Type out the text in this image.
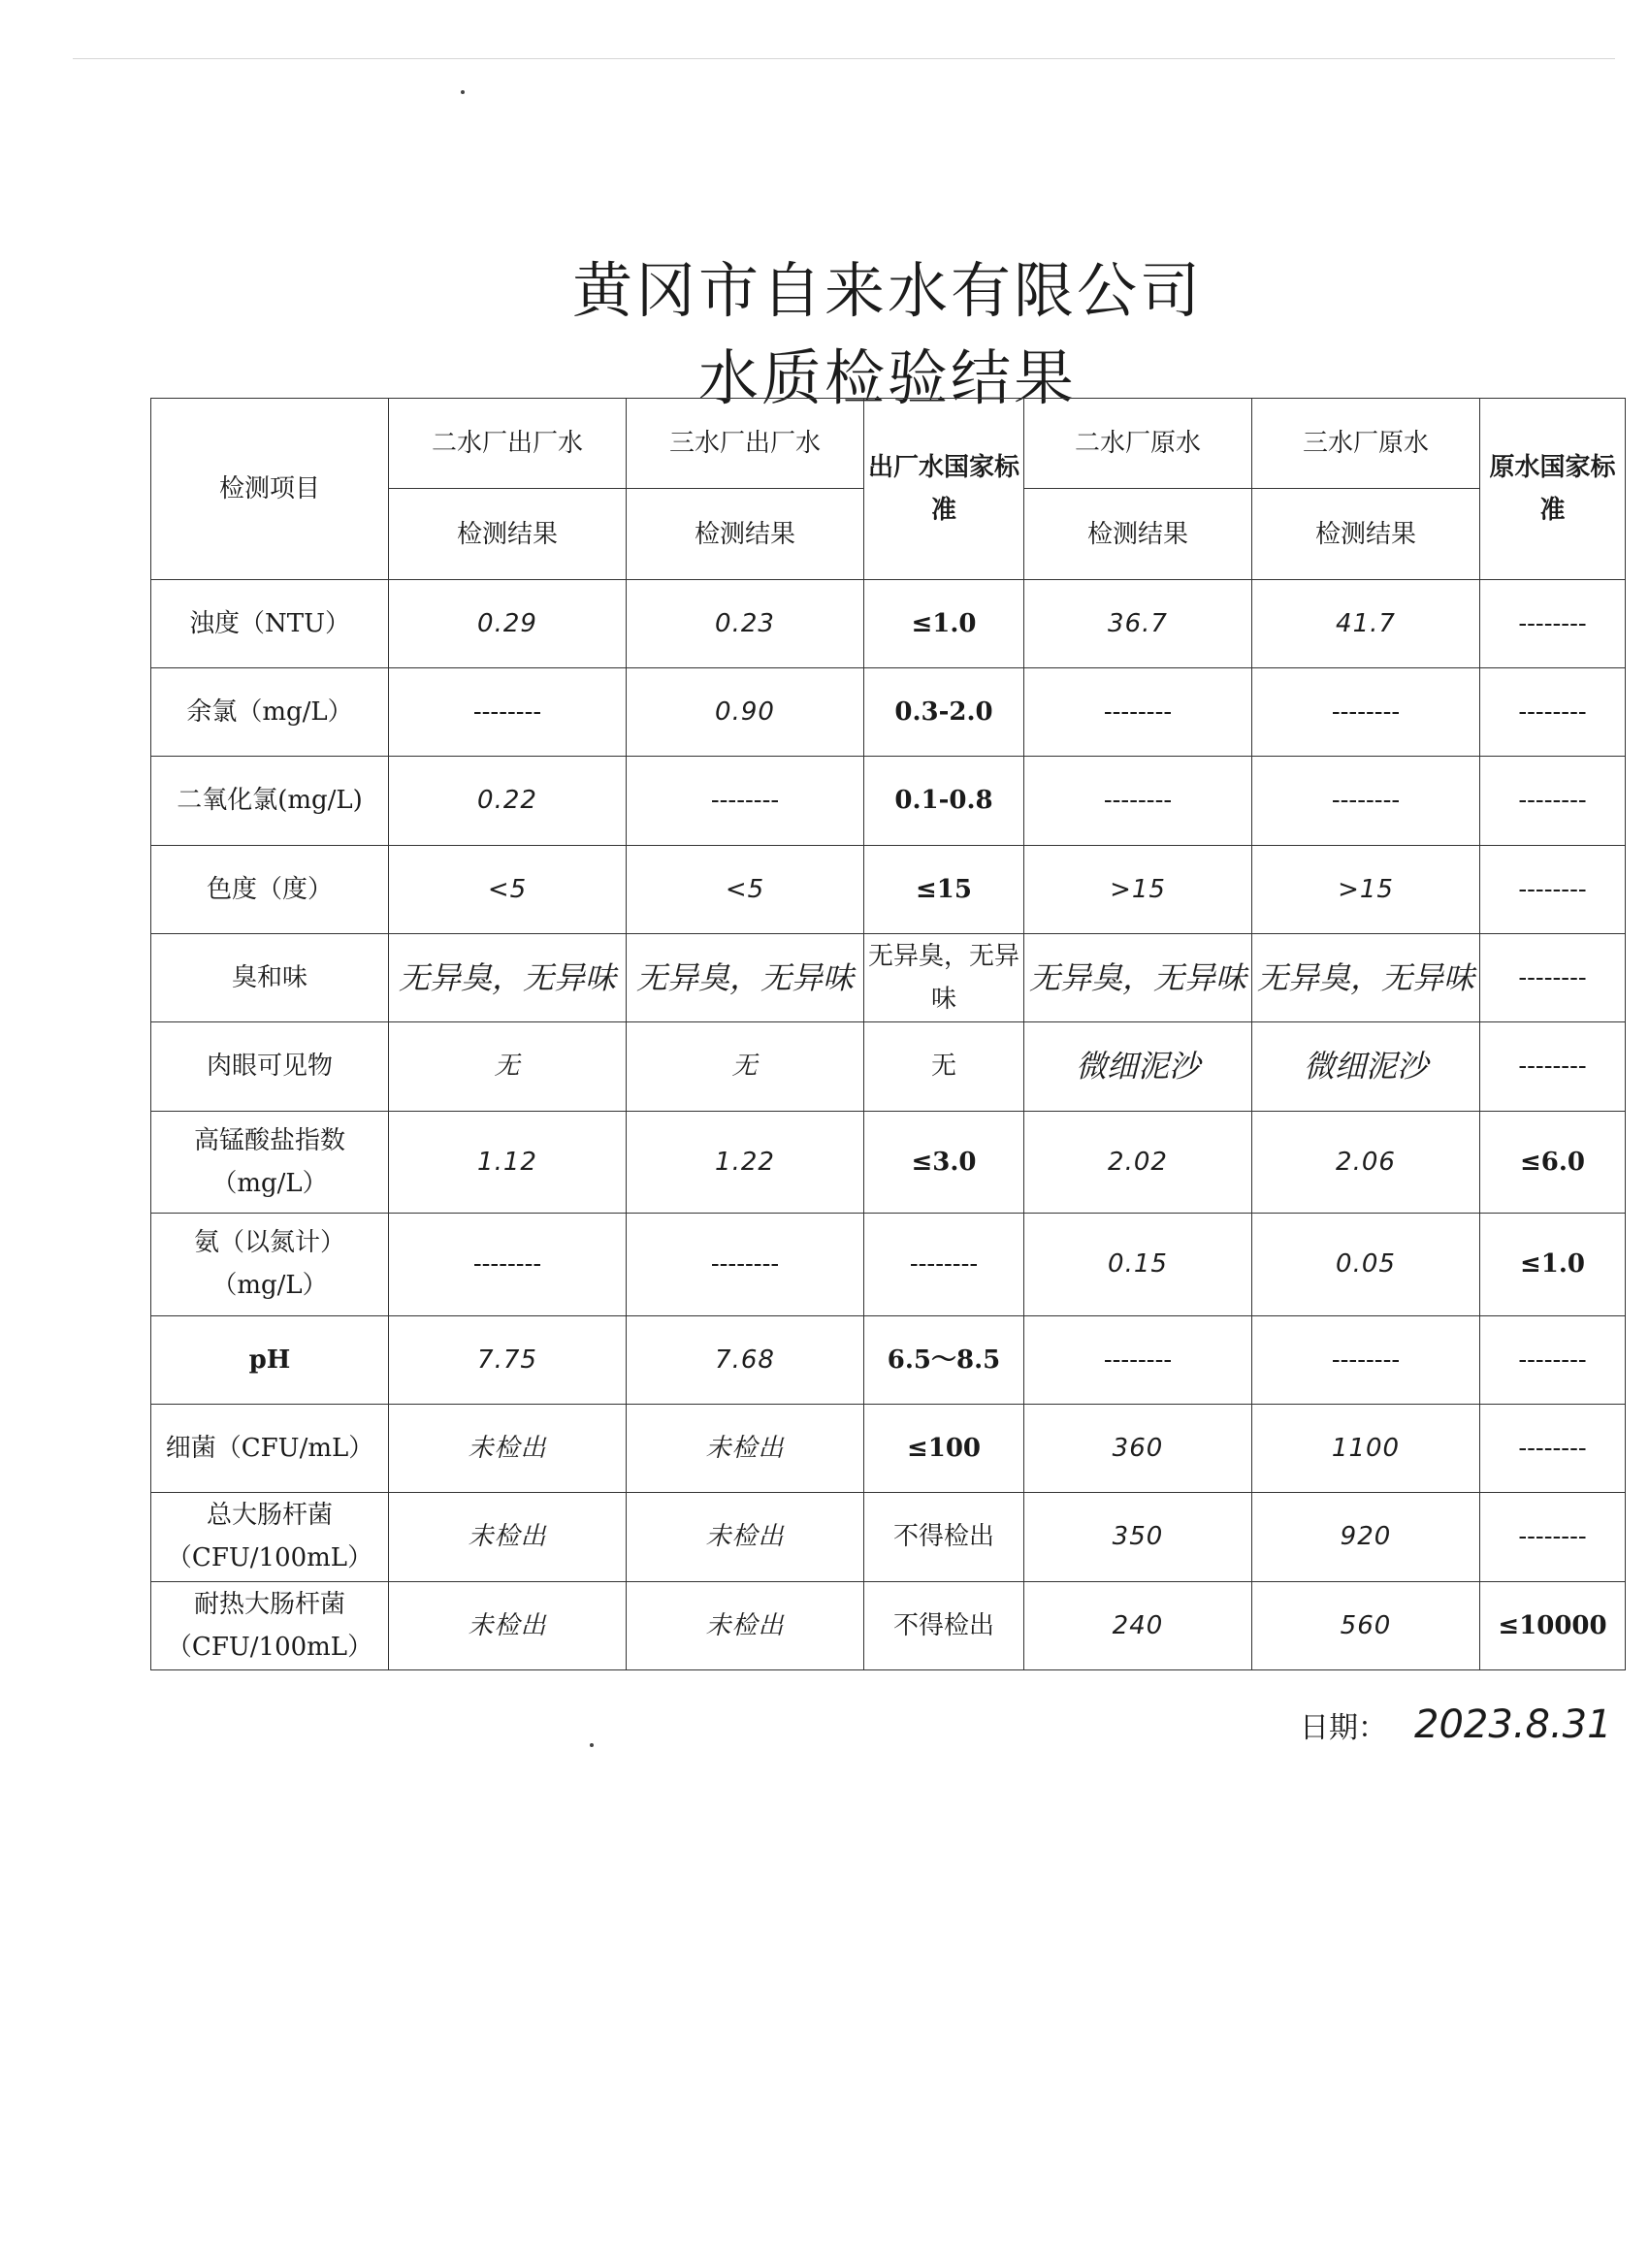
黄冈市自来水有限公司
水质检验结果
检测项目	二水厂出厂水	三水厂出厂水	出厂水国家标准	二水厂原水	三水厂原水	原水国家标准
	检测结果	检测结果		检测结果	检测结果	
浊度（NTU）	0.29	0.23	≤1.0	36.7	41.7	--------
余氯（mg/L）	--------	0.90	0.3-2.0	--------	--------	--------
二氧化氯(mg/L)	0.22	--------	0.1-0.8	--------	--------	--------
色度（度）	<5	<5	≤15	>15	>15	--------
臭和味	无异臭，无异味	无异臭，无异味	无异臭，无异味	无异臭，无异味	无异臭，无异味	--------
肉眼可见物	无	无	无	微细泥沙	微细泥沙	--------
高锰酸盐指数（mg/L）	1.12	1.22	≤3.0	2.02	2.06	≤6.0
氨（以氮计）（mg/L）	--------	--------	--------	0.15	0.05	≤1.0
pH	7.75	7.68	6.5～8.5	--------	--------	--------
细菌（CFU/mL）	未检出	未检出	≤100	360	1100	--------
总大肠杆菌（CFU/100mL）	未检出	未检出	不得检出	350	920	--------
耐热大肠杆菌（CFU/100mL）	未检出	未检出	不得检出	240	560	≤10000
日期： 2023.8.31
